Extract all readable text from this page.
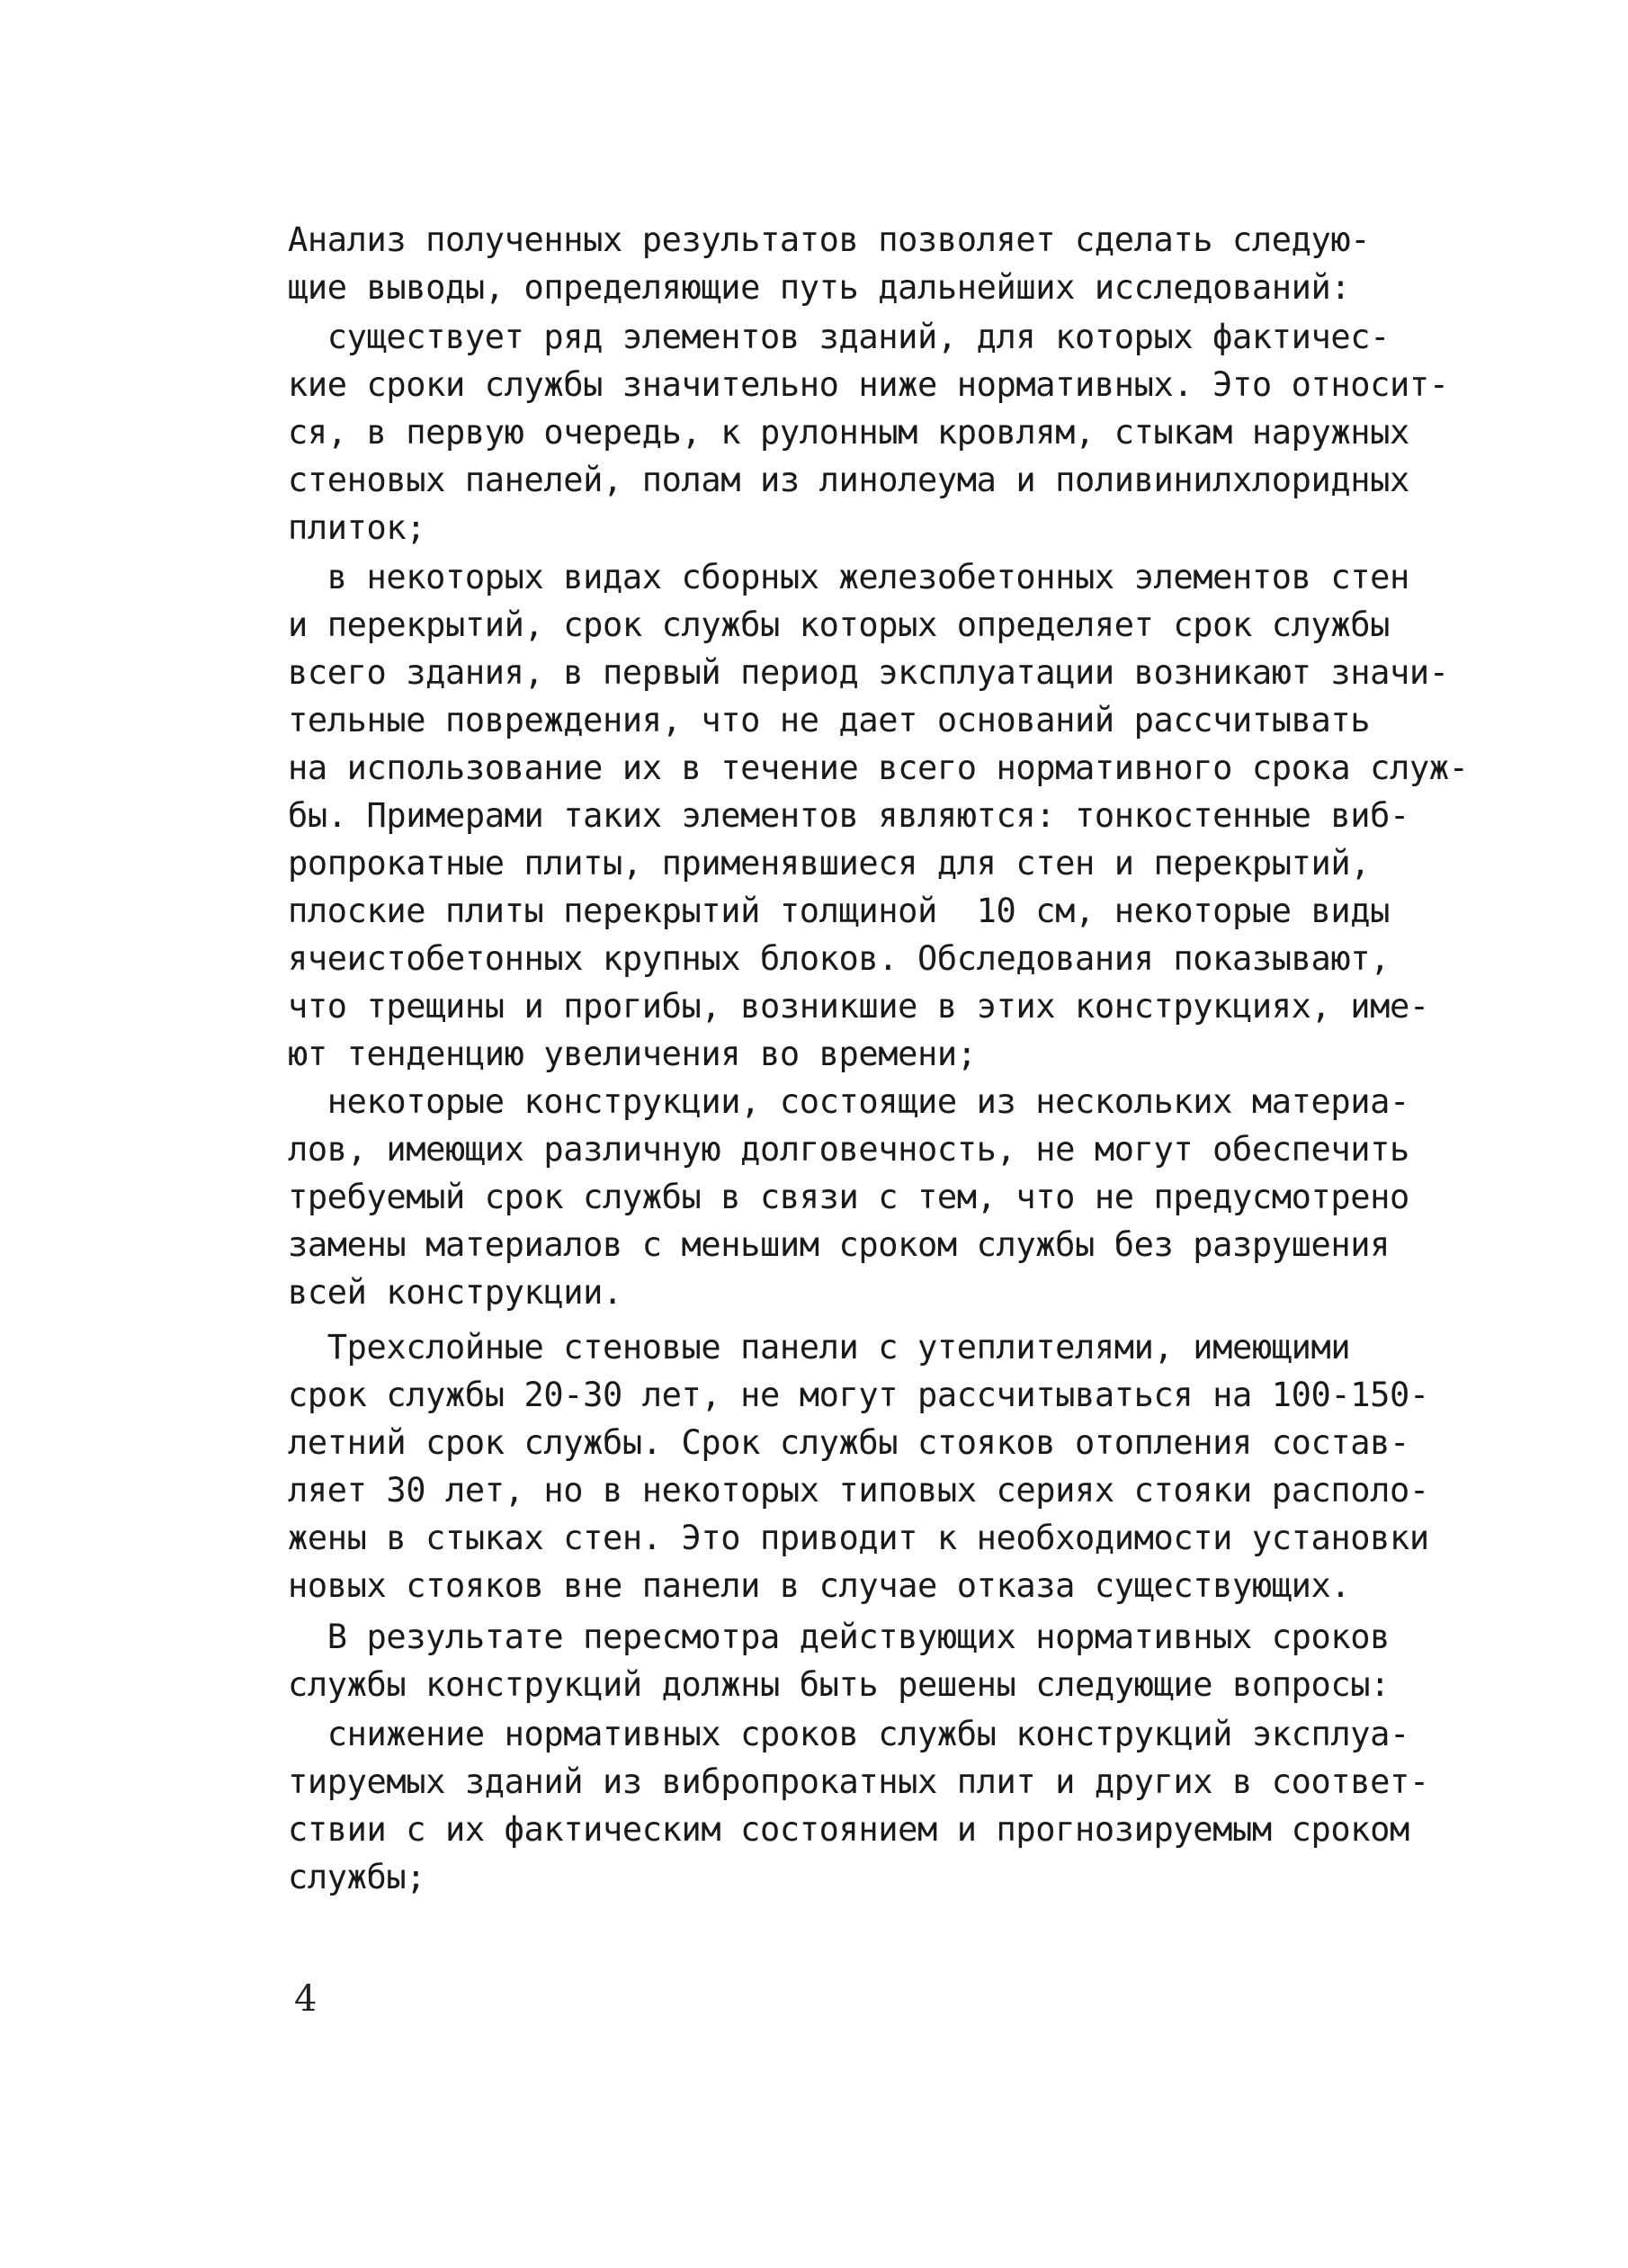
Анализ полученных результатов позволяет сделать следую-
щие выводы, определяющие путь дальнейших исследований:
существует ряд элементов зданий, для которых фактичес-
кие сроки службы значительно ниже нормативных. Это относит-
ся, в первую очередь, к рулонным кровлям, стыкам наружных
стеновых панелей, полам из линолеума и поливинилхлоридных
плиток;
в некоторых видах сборных железобетонных элементов стен
и перекрытий, срок службы которых определяет срок службы
всего здания, в первый период эксплуатации возникают значи-
тельные повреждения, что не дает оснований рассчитывать
на использование их в течение всего нормативного срока служ-
бы. Примерами таких элементов являются: тонкостенные виб-
ропрокатные плиты, применявшиеся для стен и перекрытий,
плоские плиты перекрытий толщиной  10 см, некоторые виды
ячеистобетонных крупных блоков. Обследования показывают,
что трещины и прогибы, возникшие в этих конструкциях, име-
ют тенденцию увеличения во времени;
некоторые конструкции, состоящие из нескольких материа-
лов, имеющих различную долговечность, не могут обеспечить
требуемый срок службы в связи с тем, что не предусмотрено
замены материалов с меньшим сроком службы без разрушения
всей конструкции.
Трехслойные стеновые панели с утеплителями, имеющими
срок службы 20-30 лет, не могут рассчитываться на 100-150-
летний срок службы. Срок службы стояков отопления состав-
ляет 30 лет, но в некоторых типовых сериях стояки располо-
жены в стыках стен. Это приводит к необходимости установки
новых стояков вне панели в случае отказа существующих.
В результате пересмотра действующих нормативных сроков
службы конструкций должны быть решены следующие вопросы:
снижение нормативных сроков службы конструкций эксплуа-
тируемых зданий из вибропрокатных плит и других в соответ-
ствии с их фактическим состоянием и прогнозируемым сроком
службы;
4
